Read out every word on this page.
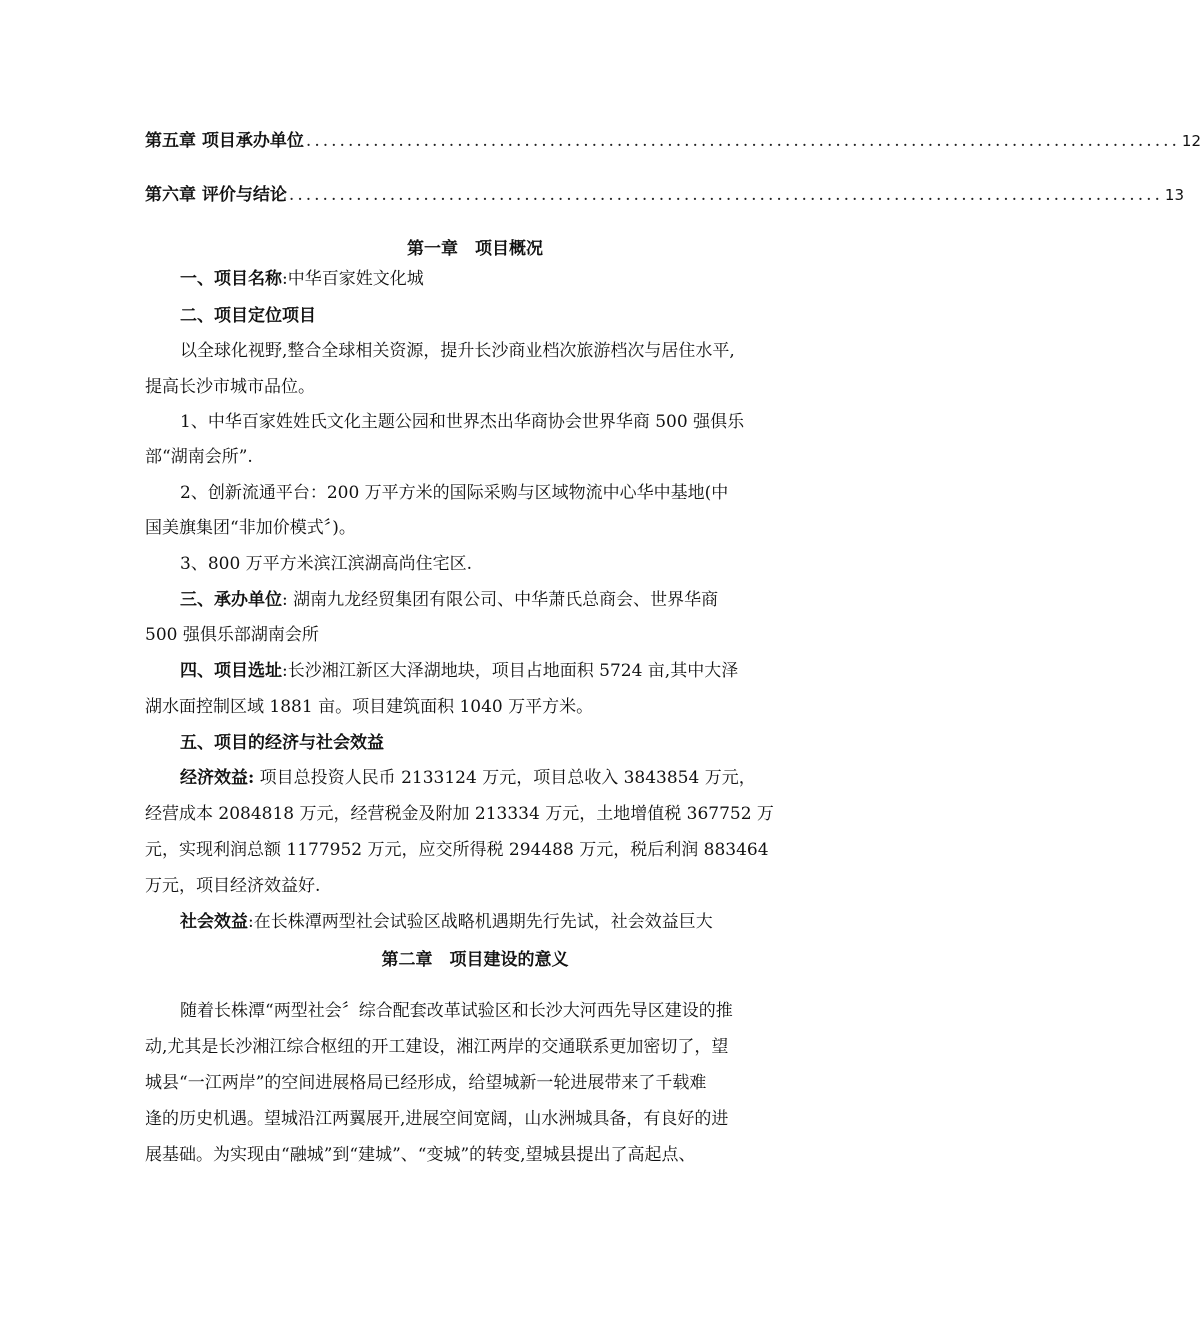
第五章 项目承办单位 ........................................................................................................ 12
第六章 评价与结论 ........................................................................................................ 13
第一章　项目概况
一、项目名称:中华百家姓文化城
二、项目定位项目
以全球化视野,整合全球相关资源，提升长沙商业档次旅游档次与居住水平,
提高长沙市城市品位。
1、中华百家姓姓氏文化主题公园和世界杰出华商协会世界华商 500 强俱乐
部“湖南会所”.
2、创新流通平台：200 万平方米的国际采购与区域物流中心华中基地(中
国美旗集团“非加价模式〞)。
3、800 万平方米滨江滨湖高尚住宅区.
三、承办单位: 湖南九龙经贸集团有限公司、中华萧氏总商会、世界华商
500 强俱乐部湖南会所
四、项目选址:长沙湘江新区大泽湖地块，项目占地面积 5724 亩,其中大泽
湖水面控制区域 1881 亩。项目建筑面积 1040 万平方米。
五、项目的经济与社会效益
经济效益: 项目总投资人民币 2133124 万元，项目总收入 3843854 万元，
经营成本 2084818 万元，经营税金及附加 213334 万元，土地增值税 367752 万
元，实现利润总额 1177952 万元，应交所得税 294488 万元，税后利润 883464
万元，项目经济效益好.
社会效益:在长株潭两型社会试验区战略机遇期先行先试，社会效益巨大
第二章　项目建设的意义
随着长株潭“两型社会〞综合配套改革试验区和长沙大河西先导区建设的推
动,尤其是长沙湘江综合枢纽的开工建设，湘江两岸的交通联系更加密切了，望
城县“一江两岸”的空间进展格局已经形成，给望城新一轮进展带来了千载难
逢的历史机遇。望城沿江两翼展开,进展空间宽阔，山水洲城具备，有良好的进
展基础。为实现由“融城”到“建城”、“变城”的转变,望城县提出了高起点、
